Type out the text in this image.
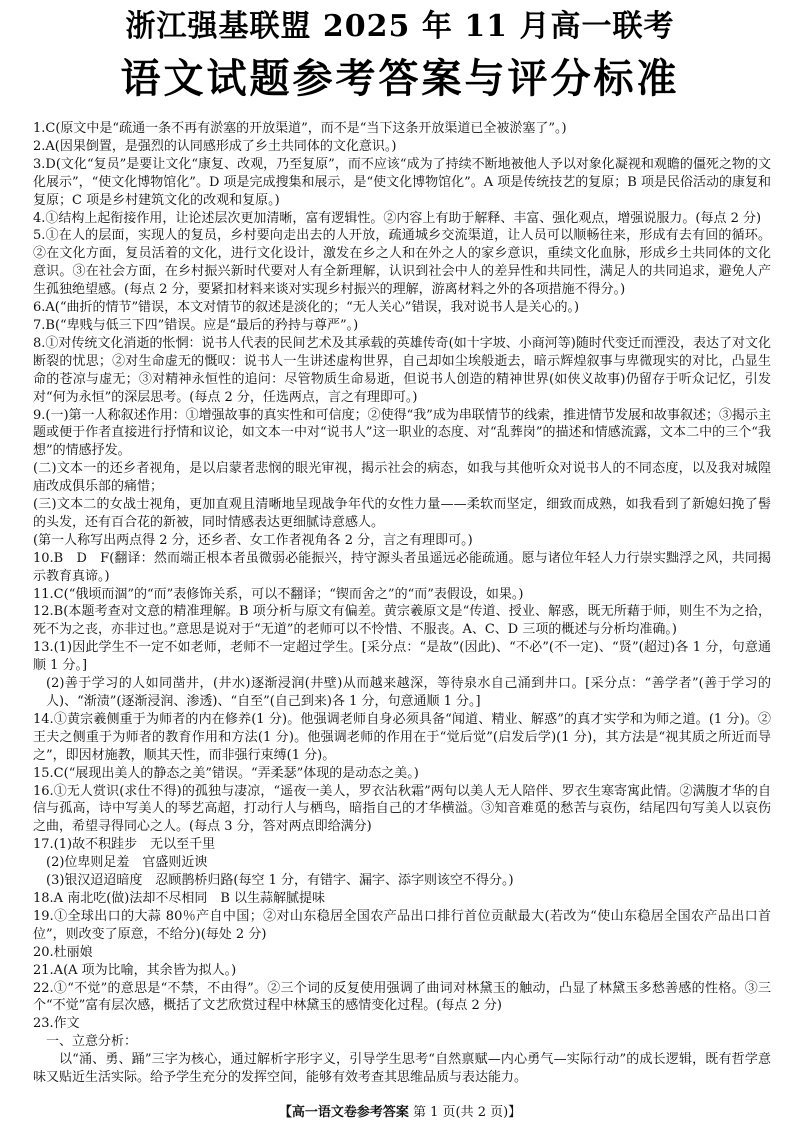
浙江强基联盟 2025 年 11 月高一联考
语文试题参考答案与评分标准

1.C(原文中是“疏通一条不再有淤塞的开放渠道”，而不是“当下这条开放渠道已全被淤塞了”。)

2.A(因果倒置，是强烈的认同感形成了乡土共同体的文化意识。)

3.D(文化“复员”是要让文化“康复、改观，乃至复原”，而不应该“成为了持续不断地被他人予以对象化凝视和观瞻的僵死之物的文化展示”，“使文化博物馆化”。D 项是完成搜集和展示，是“使文化博物馆化”。A 项是传统技艺的复原；B 项是民俗活动的康复和复原；C 项是乡村建筑文化的改观和复原。)

4.①结构上起衔接作用，让论述层次更加清晰，富有逻辑性。②内容上有助于解释、丰富、强化观点，增强说服力。(每点 2 分)

5.①在人的层面，实现人的复员，乡村要向走出去的人开放，疏通城乡交流渠道，让人员可以顺畅往来，形成有去有回的循环。②在文化方面，复员活着的文化，进行文化设计，激发在乡之人和在外之人的家乡意识，重续文化血脉，形成乡土共同体的文化意识。③在社会方面，在乡村振兴新时代要对人有全新理解，认识到社会中人的差异性和共同性，满足人的共同追求，避免人产生孤独绝望感。(每点 2 分，要紧扣材料来谈对实现乡村振兴的理解，游离材料之外的各项措施不得分。)

6.A(“曲折的情节”错误，本文对情节的叙述是淡化的；“无人关心”错误，我对说书人是关心的。)

7.B(“卑贱与低三下四”错误。应是“最后的矜持与尊严”。)

8.①对传统文化消逝的怅惘：说书人代表的民间艺术及其承载的英雄传奇(如十字坡、小商河等)随时代变迁而湮没，表达了对文化断裂的忧思；②对生命虚无的慨叹：说书人一生讲述虚构世界，自己却如尘埃般逝去，暗示辉煌叙事与卑微现实的对比，凸显生命的苍凉与虚无；③对精神永恒性的追问：尽管物质生命易逝，但说书人创造的精神世界(如侠义故事)仍留存于听众记忆，引发对“何为永恒”的深层思考。(每点 2 分，任选两点，言之有理即可。)

9.(一)第一人称叙述作用：①增强故事的真实性和可信度；②使得“我”成为串联情节的线索，推进情节发展和故事叙述；③揭示主题或便于作者直接进行抒情和议论，如文本一中对“说书人”这一职业的态度、对“乱葬岗”的描述和情感流露，文本二中的三个“我想”的情感抒发。

(二)文本一的还乡者视角，是以启蒙者悲悯的眼光审视，揭示社会的病态，如我与其他听众对说书人的不同态度，以及我对城隍庙改成俱乐部的痛惜；

(三)文本二的女战士视角，更加直观且清晰地呈现战争年代的女性力量——柔软而坚定，细致而成熟，如我看到了新媳妇挽了髻的头发，还有百合花的新被，同时情感表达更细腻诗意感人。

(第一人称写出两点得 2 分，还乡者、女工作者视角各 2 分，言之有理即可。)

10.B　D　F(翻译：然而端正根本者虽微弱必能振兴，持守源头者虽遥远必能疏通。愿与诸位年轻人力行崇实黜浮之风，共同揭示教育真谛。)

11.C(“俄顷而涸”的“而”表修饰关系，可以不翻译；“锲而舍之”的“而”表假设，如果。)

12.B(本题考查对文意的精准理解。B 项分析与原文有偏差。黄宗羲原文是“传道、授业、解惑，既无所藉于师，则生不为之拾，死不为之丧，亦非过也。”意思是说对于“无道”的老师可以不怜惜、不服丧。A、C、D 三项的概述与分析均准确。)

13.(1)因此学生不一定不如老师，老师不一定超过学生。[采分点：“是故”(因此)、“不必”(不一定)、“贤”(超过)各 1 分，句意通顺 1 分。]

(2)善于学习的人如同凿井，(井水)逐渐浸润(井壁)从而越来越深，等待泉水自己涌到井口。[采分点：“善学者”(善于学习的人)、“渐渍”(逐渐浸润、渗透)、“自至”(自己到来)各 1 分，句意通顺 1 分。]

14.①黄宗羲侧重于为师者的内在修养(1 分)。他强调老师自身必须具备“闻道、精业、解惑”的真才实学和为师之道。(1 分)。②王夫之侧重于为师者的教育作用和方法(1 分)。他强调老师的作用在于“觉后觉”(启发后学)(1 分)，其方法是“视其质之所近而导之”，即因材施教，顺其天性，而非强行束缚(1 分)。

15.C(“展现出美人的静态之美”错误。“弄柔瑟”体现的是动态之美。)

16.①无人赏识(求仕不得)的孤独与凄凉，“遥夜一美人，罗衣沾秋霜”两句以美人无人陪伴、罗衣生寒寄寓此情。②满腹才华的自信与孤高，诗中写美人的琴艺高超，打动行人与栖鸟，暗指自己的才华横溢。③知音难觅的愁苦与哀伤，结尾四句写美人以哀伤之曲，希望寻得同心之人。(每点 3 分，答对两点即给满分)

17.(1)故不积跬步　无以至千里

(2)位卑则足羞　官盛则近谀

(3)银汉迢迢暗度　忍顾鹊桥归路(每空 1 分，有错字、漏字、添字则该空不得分。)

18.A 南北吃(做)法却不尽相同　B 以生蒜解腻提味

19.①全球出口的大蒜 80％产自中国；②对山东稳居全国农产品出口排行首位贡献最大(若改为“使山东稳居全国农产品出口首位”，则改变了原意，不给分)(每处 2 分)

20.杜丽娘

21.A(A 项为比喻，其余皆为拟人。)

22.①“不觉”的意思是“不禁，不由得”。②三个词的反复使用强调了曲词对林黛玉的触动，凸显了林黛玉多愁善感的性格。③三个“不觉”富有层次感，概括了文艺欣赏过程中林黛玉的感情变化过程。(每点 2 分)

23.作文

一、立意分析：

以“涌、勇、踊”三字为核心，通过解析字形字义，引导学生思考“自然禀赋—内心勇气—实际行动”的成长逻辑，既有哲学意味又贴近生活实际。给予学生充分的发挥空间，能够有效考查其思维品质与表达能力。

【高一语文卷参考答案 第 1 页(共 2 页)】
